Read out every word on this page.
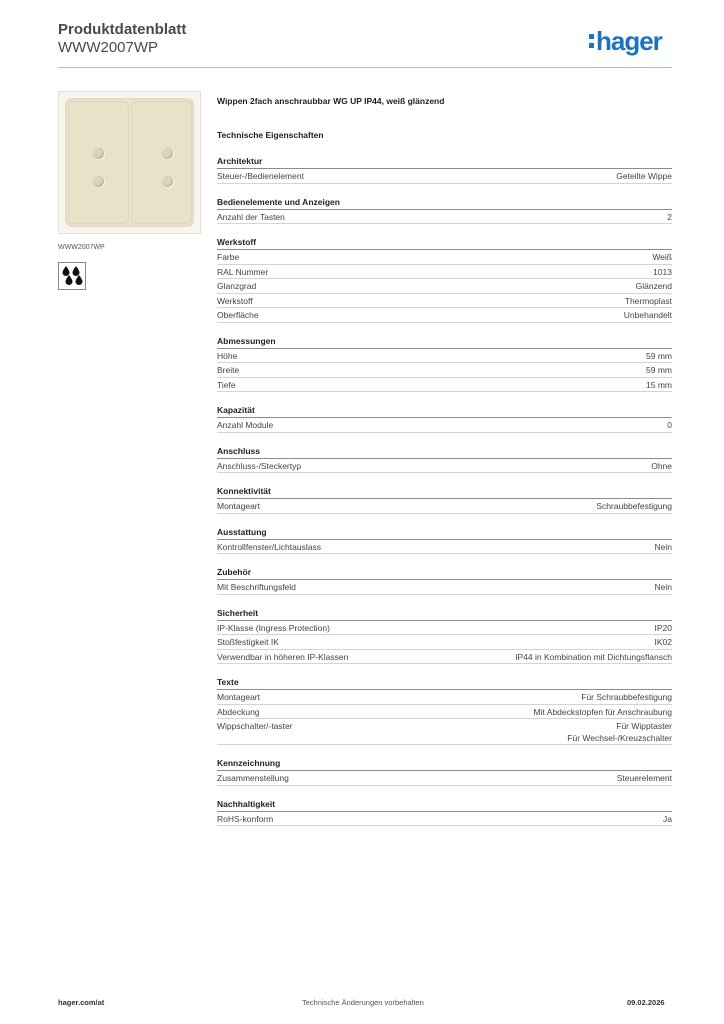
Produktdatenblatt
WWW2007WP	hager
WWW2007WP
Wippen 2fach anschraubbar WG UP IP44, weiß glänzend
Technische Eigenschaften
Architektur
Steuer-/Bedienelement	Geteilte Wippe
Bedienelemente und Anzeigen
Anzahl der Tasten	2
Werkstoff
Farbe	Weiß
RAL Nummer	1013
Glanzgrad	Glänzend
Werkstoff	Thermoplast
Oberfläche	Unbehandelt
Abmessungen
Höhe	59 mm
Breite	59 mm
Tiefe	15 mm
Kapazität
Anzahl Module	0
Anschluss
Anschluss-/Steckertyp	Ohne
Konnektivität
Montageart	Schraubbefestigung
Ausstattung
Kontrollfenster/Lichtauslass	Nein
Zubehör
Mit Beschriftungsfeld	Nein
Sicherheit
IP-Klasse (Ingress Protection)	IP20
Stoßfestigkeit IK	IK02
Verwendbar in höheren IP-Klassen	IP44 in Kombination mit Dichtungsflansch
Texte
Montageart	Für Schraubbefestigung
Abdeckung	Mit Abdeckstopfen für Anschraubung
Wippschalter/-taster	Für Wipptaster
Für Wechsel-/Kreuzschalter
Kennzeichnung
Zusammenstellung	Steuerelement
Nachhaltigkeit
RoHS-konform	Ja
hager.com/at	Technische Änderungen vorbehalten	09.02.2026
